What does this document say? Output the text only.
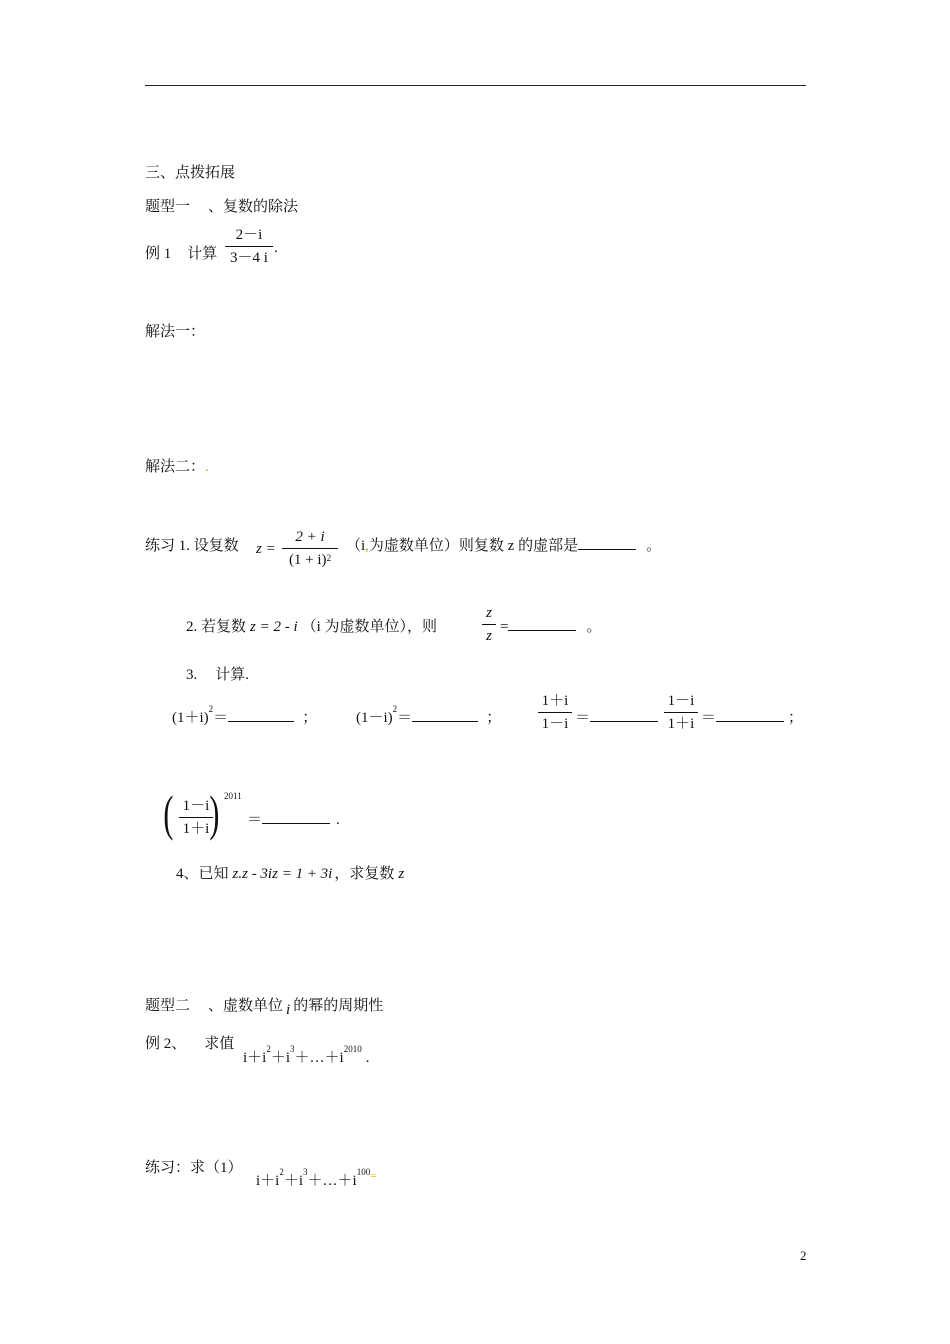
三、点拨拓展
题型一 、复数的除法
例 1 计算
2－i
3－4 i
.
解法一：
解法二：.
练习 1. 设复数 z =
2 + i
$(1 + i)^2$
（i,为虚数单位）则复数 z 的虚部是	。
2. 若复数 z = 2 - i （i 为虚数单位），则
z
z
=	。
3. 计算.
$(1+i)^2=$	；	$(1-i)^2=$	；
1＋i
1－i ＝
1－i
1＋i ＝	；
( 1－i
1＋i ) 2011
＝	.
4、已知 z.z - 3iz = 1 + 3i ，求复数 z
题型二 、虚数单位 i 的幂的周期性
例 2、 求值
$i+i^2+i^3+\dots+i^{2010}$.
练习：求（1）
$i+i^2+i^3+\dots+i^{100=}$
2
